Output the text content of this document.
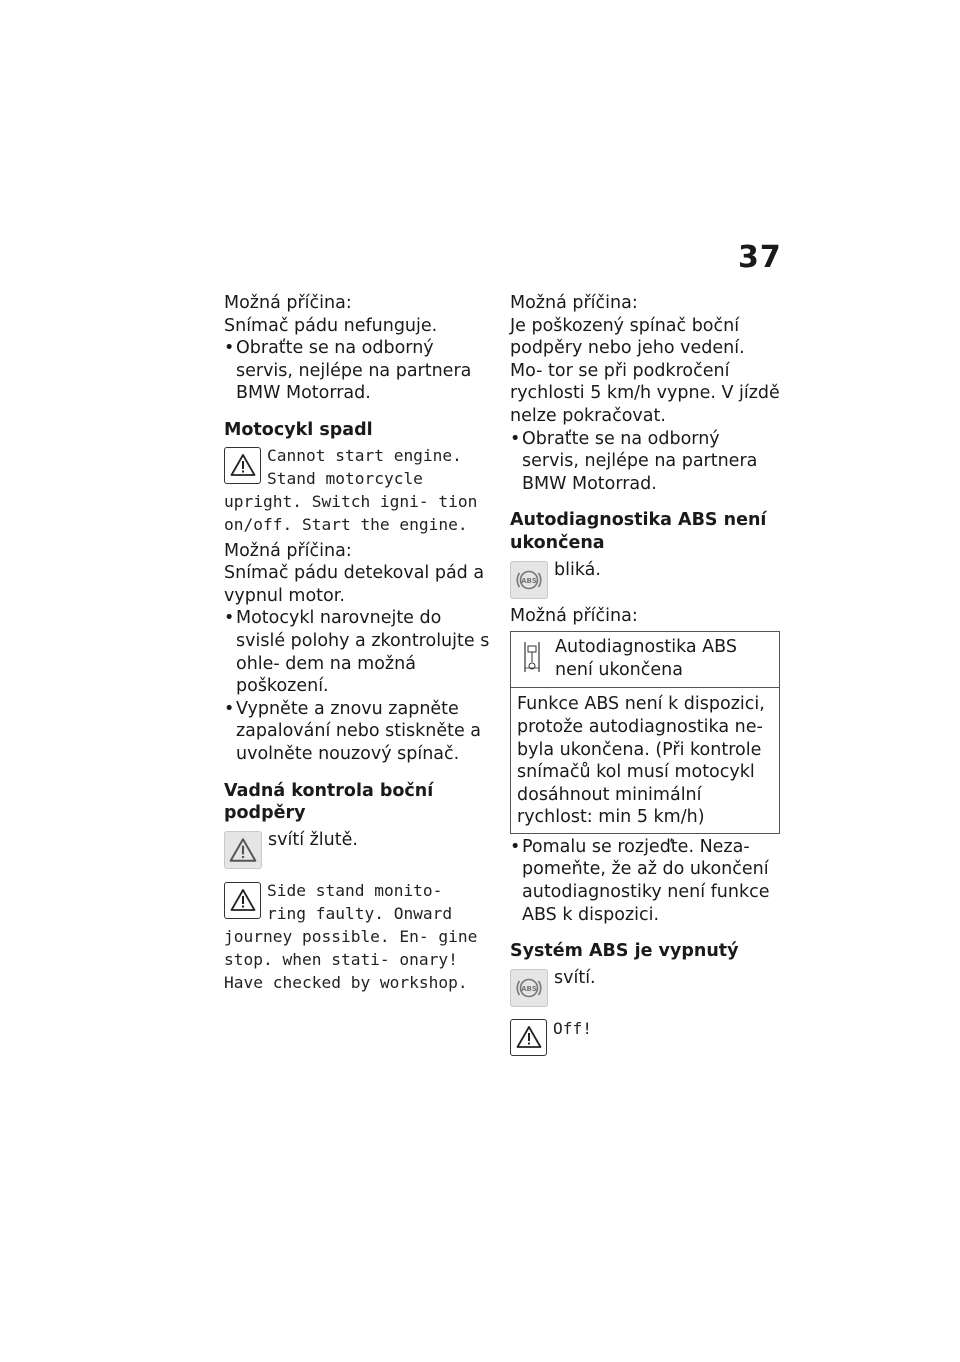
37

Možná příčina:

Snímač pádu nefunguje.

• Obraťte se na odborný servis, nejlépe na partnera BMW Motorrad.

Motocykl spadl

Cannot start engine.
Stand motorcycle
upright. Switch igni- tion on/off. Start the engine.

Možná příčina:

Snímač pádu detekoval pád a vypnul motor.

• Motocykl narovnejte do svislé polohy a zkontrolujte s ohle- dem na možná poškození.
• Vypněte a znovu zapněte zapalování nebo stiskněte a uvolněte nouzový spínač.

Vadná kontrola boční podpěry

svítí žlutě.
Side stand monito-
ring faulty. Onward
journey possible. En- gine stop. when stati- onary! Have checked by workshop.

Možná příčina:

Je poškozený spínač boční podpěry nebo jeho vedení. Mo- tor se při podkročení rychlosti 5 km/h vypne. V jízdě nelze pokračovat.

• Obraťte se na odborný servis, nejlépe na partnera BMW Motorrad.

Autodiagnostika ABS není ukončena

ABS
bliká.

Možná příčina:

Autodiagnostika ABS není ukončena
Funkce ABS není k dispozici, protože autodiagnostika ne- byla ukončena. (Při kontrole snímačů kol musí motocykl dosáhnout minimální rychlost: min 5 km/h)
• Pomalu se rozjeďte. Neza- pomeňte, že až do ukončení autodiagnostiky není funkce ABS k dispozici.

Systém ABS je vypnutý

ABS
svítí.
Off!
